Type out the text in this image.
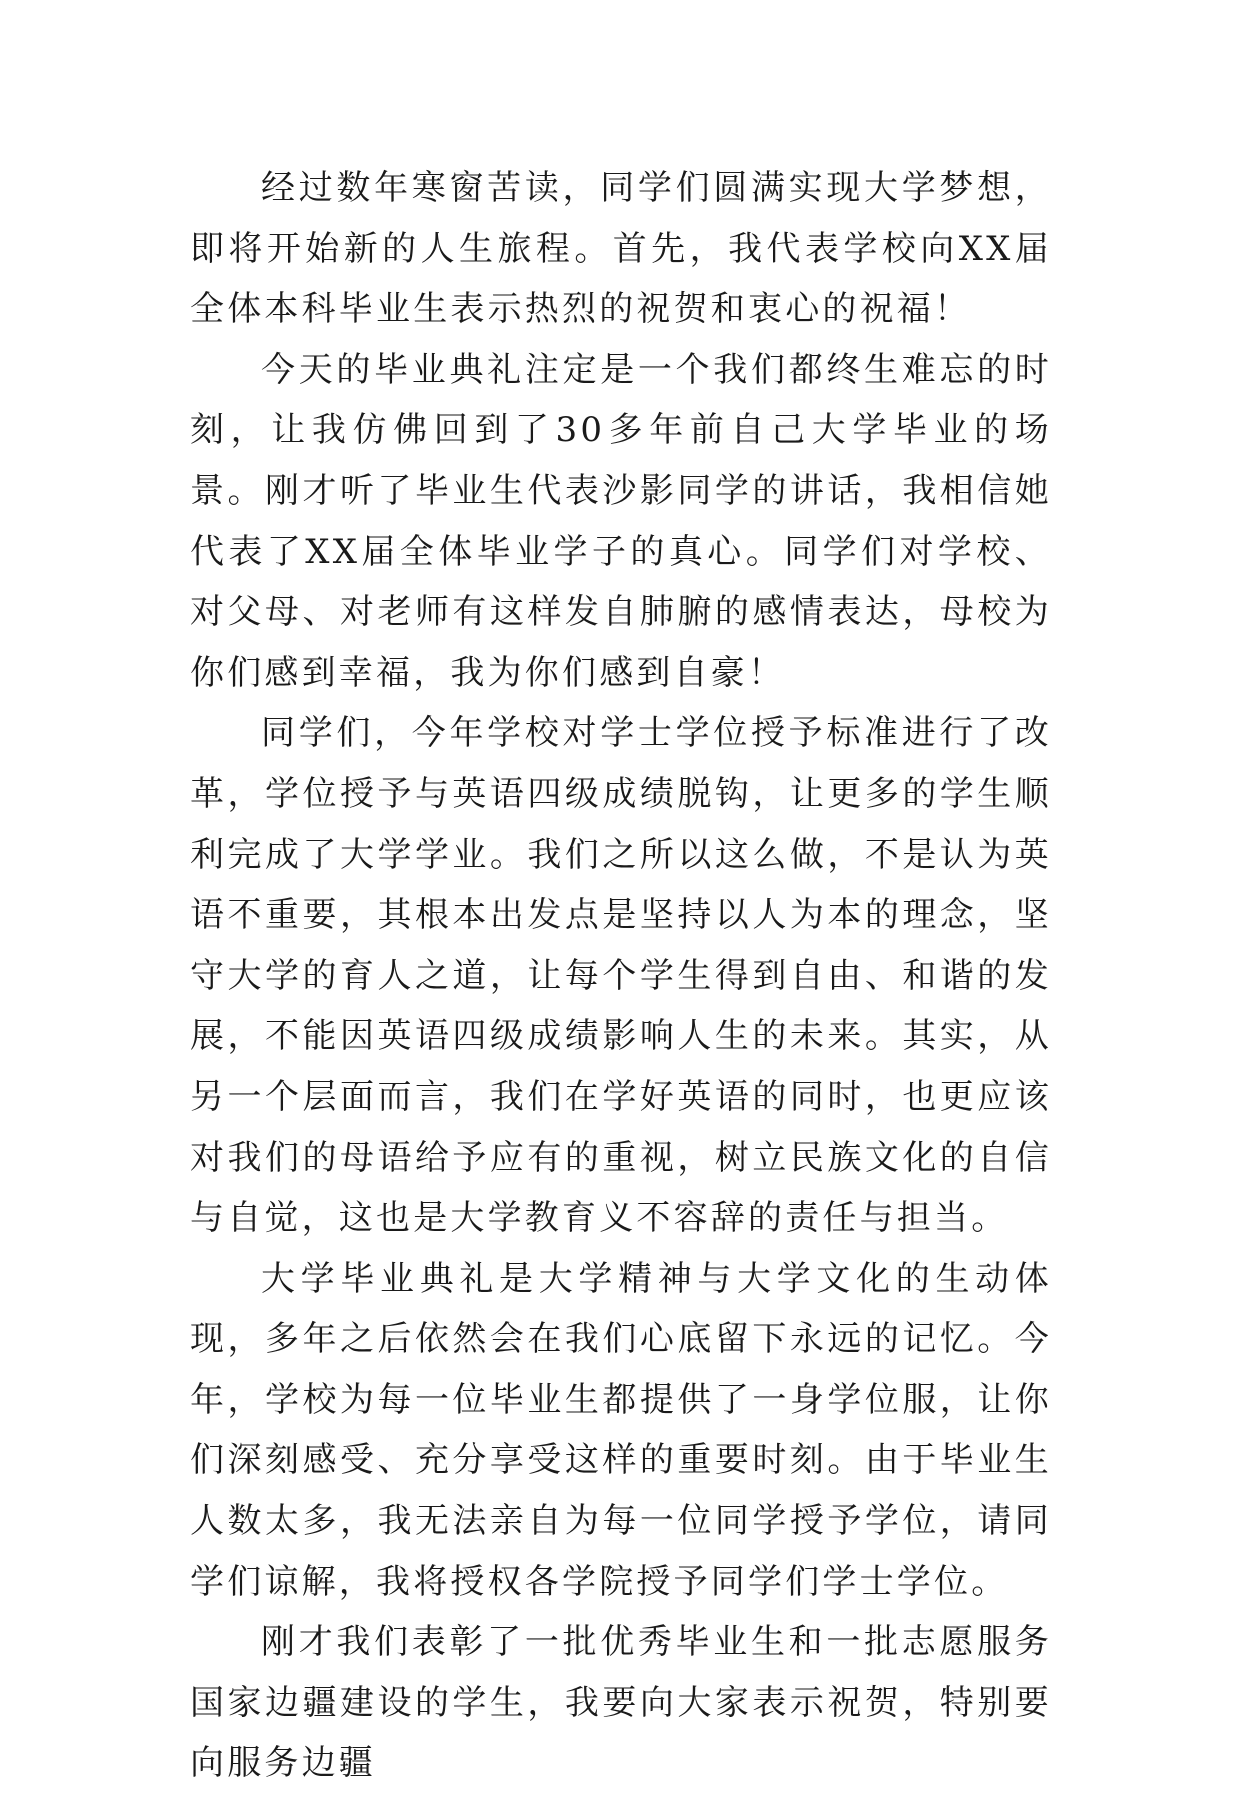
经过数年寒窗苦读，同学们圆满实现大学梦想，即将开始新的人生旅程。首先，我代表学校向XX届全体本科毕业生表示热烈的祝贺和衷心的祝福！

今天的毕业典礼注定是一个我们都终生难忘的时刻，让我仿佛回到了30多年前自己大学毕业的场景。刚才听了毕业生代表沙影同学的讲话，我相信她代表了XX届全体毕业学子的真心。同学们对学校、对父母、对老师有这样发自肺腑的感情表达，母校为你们感到幸福，我为你们感到自豪！

同学们，今年学校对学士学位授予标准进行了改革，学位授予与英语四级成绩脱钩，让更多的学生顺利完成了大学学业。我们之所以这么做，不是认为英语不重要，其根本出发点是坚持以人为本的理念，坚守大学的育人之道，让每个学生得到自由、和谐的发展，不能因英语四级成绩影响人生的未来。其实，从另一个层面而言，我们在学好英语的同时，也更应该对我们的母语给予应有的重视，树立民族文化的自信与自觉，这也是大学教育义不容辞的责任与担当。

大学毕业典礼是大学精神与大学文化的生动体现，多年之后依然会在我们心底留下永远的记忆。今年，学校为每一位毕业生都提供了一身学位服，让你们深刻感受、充分享受这样的重要时刻。由于毕业生人数太多，我无法亲自为每一位同学授予学位，请同学们谅解，我将授权各学院授予同学们学士学位。

刚才我们表彰了一批优秀毕业生和一批志愿服务国家边疆建设的学生，我要向大家表示祝贺，特别要向服务边疆
